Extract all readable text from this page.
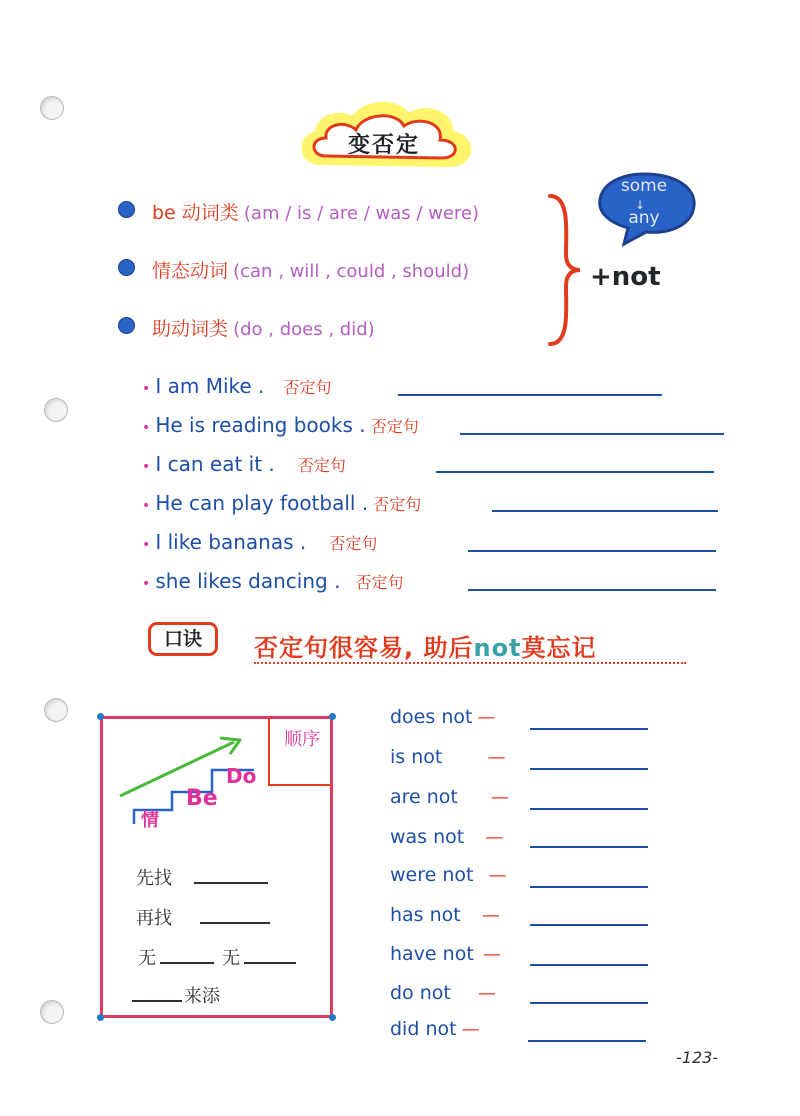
变否定
be 动词类 (am / is / are / was / were)
情态动词 (can , will , could , should)
助动词类 (do , does , did)
some
↓
any
+not
• I am Mike . 否定句
• He is reading books . 否定句
• I can eat it . 否定句
• He can play football . 否定句
• I like bananas . 否定句
• she likes dancing . 否定句
口诀	否定句很容易, 助后not莫忘记
顺序
情
Be
Do
先找
再找
无	无
来添
does not —
is not	—
are not —
was not —
were not —
has not —
have not —
do not —
did not —
-123-
